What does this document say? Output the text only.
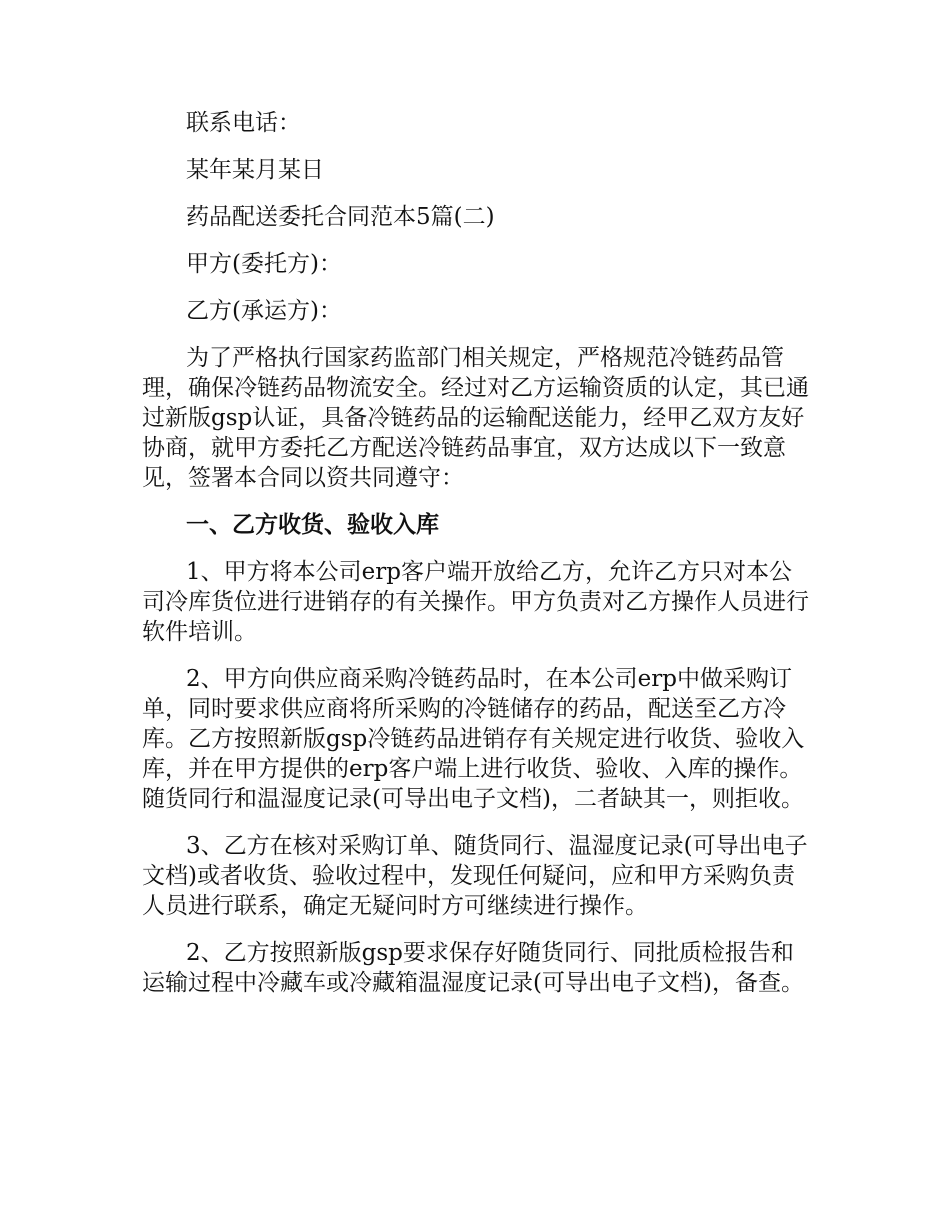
联系电话：

某年某月某日

药品配送委托合同范本5篇(二)

甲方(委托方)：

乙方(承运方)：

为了严格执行国家药监部门相关规定，严格规范冷链药品管理，确保冷链药品物流安全。经过对乙方运输资质的认定，其已通过新版gsp认证，具备冷链药品的运输配送能力，经甲乙双方友好协商，就甲方委托乙方配送冷链药品事宜，双方达成以下一致意见，签署本合同以资共同遵守：

一、乙方收货、验收入库

1、甲方将本公司erp客户端开放给乙方，允许乙方只对本公司冷库货位进行进销存的有关操作。甲方负责对乙方操作人员进行软件培训。

2、甲方向供应商采购冷链药品时，在本公司erp中做采购订单，同时要求供应商将所采购的冷链储存的药品，配送至乙方冷库。乙方按照新版gsp冷链药品进销存有关规定进行收货、验收入库，并在甲方提供的erp客户端上进行收货、验收、入库的操作。随货同行和温湿度记录(可导出电子文档)，二者缺其一，则拒收。

3、乙方在核对采购订单、随货同行、温湿度记录(可导出电子文档)或者收货、验收过程中，发现任何疑问，应和甲方采购负责人员进行联系，确定无疑问时方可继续进行操作。

2、乙方按照新版gsp要求保存好随货同行、同批质检报告和运输过程中冷藏车或冷藏箱温湿度记录(可导出电子文档)，备查。
